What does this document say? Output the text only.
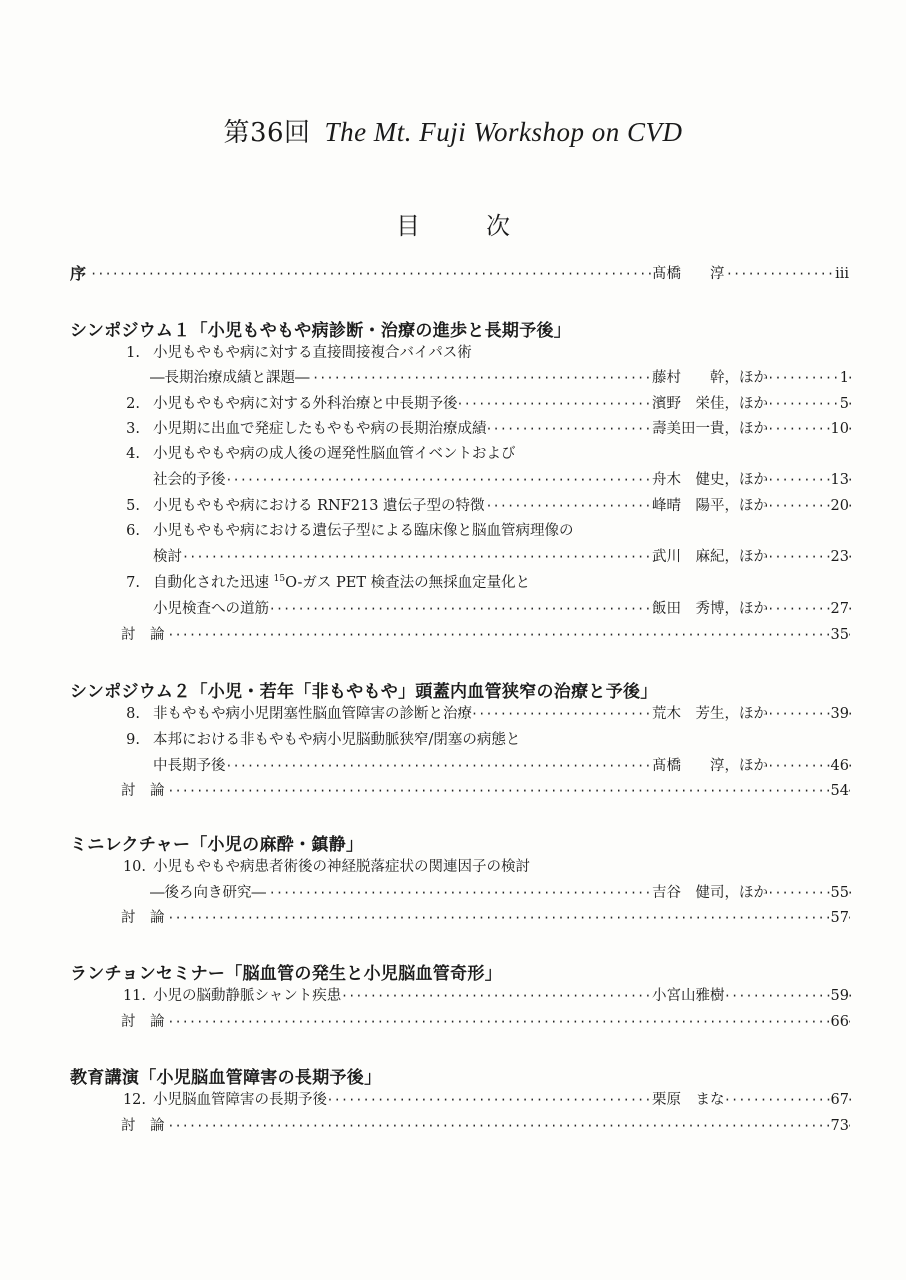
第36回 The Mt. Fuji Workshop on CVD
目	次
·····
序	髙橋　　淳	iii
シンポジウム１「小児もやもや病診断・治療の進歩と長期予後」
1. 小児もやもや病に対する直接間接複合バイパス術
·····
―長期治療成績と課題―	藤村　　幹，ほか	1
·····
2. 小児もやもや病に対する外科治療と中長期予後	濱野　栄佳，ほか	5
·····
3. 小児期に出血で発症したもやもや病の長期治療成績	壽美田一貴，ほか	10
4. 小児もやもや病の成人後の遅発性脳血管イベントおよび
·····
社会的予後	舟木　健史，ほか	13
·····
5. 小児もやもや病における RNF213 遺伝子型の特徴	峰晴　陽平，ほか	20
6. 小児もやもや病における遺伝子型による臨床像と脳血管病理像の
·····
検討	武川　麻紀，ほか	23
7. 自動化された迅速 $^{15}$O-ガス PET 検査法の無採血定量化と
·····
小児検査への道筋	飯田　秀博，ほか	27
·····
討　論	35
シンポジウム２「小児・若年「非もやもや」頭蓋内血管狭窄の治療と予後」
·····
8. 非もやもや病小児閉塞性脳血管障害の診断と治療	荒木　芳生，ほか	39
9. 本邦における非もやもや病小児脳動脈狭窄/閉塞の病態と
·····
中長期予後	髙橋　　淳，ほか	46
·····
討　論	54
ミニレクチャー「小児の麻酔・鎮静」
10. 小児もやもや病患者術後の神経脱落症状の関連因子の検討
·····
―後ろ向き研究―	吉谷　健司，ほか	55
·····
討　論	57
ランチョンセミナー「脳血管の発生と小児脳血管奇形」
·····
11. 小児の脳動静脈シャント疾患	小宮山雅樹	59
·····
討　論	66
教育講演「小児脳血管障害の長期予後」
·····
12. 小児脳血管障害の長期予後	栗原　まな	67
·····
討　論	73
